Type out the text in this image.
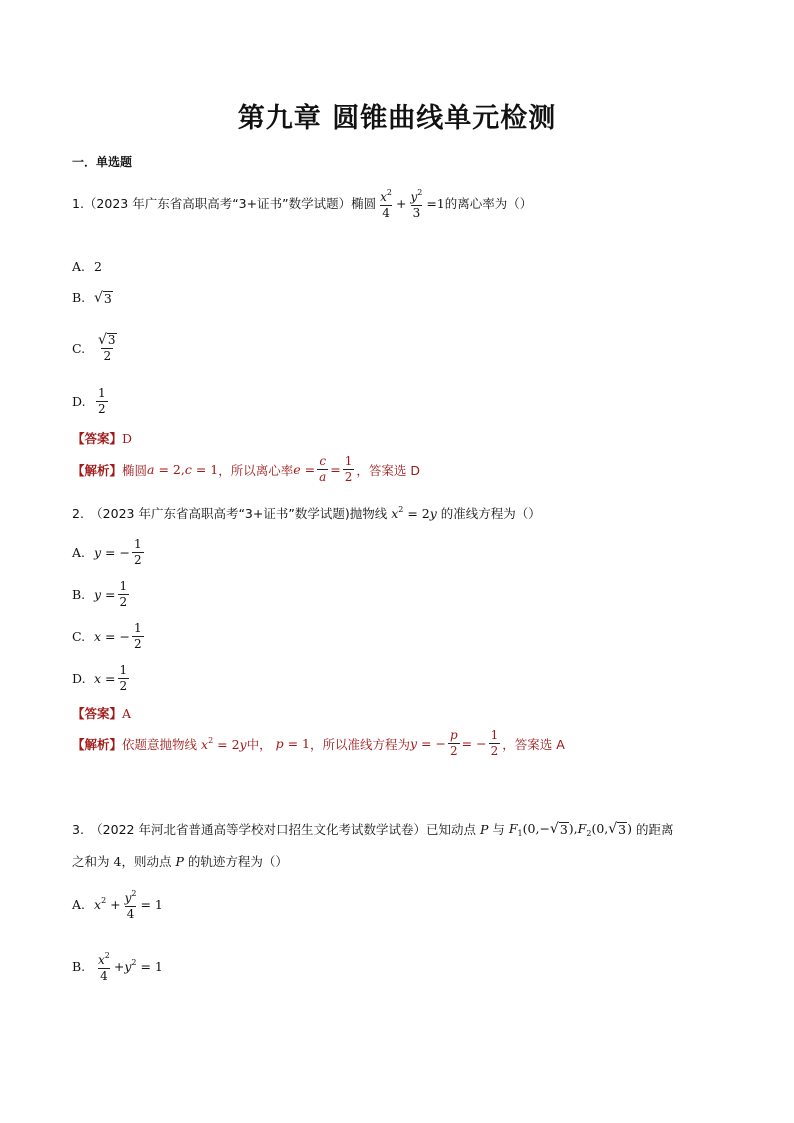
第九章 圆锥曲线单元检测
一．单选题
1.（2023 年广东省高职高考“3+证书”数学试题）椭圆 $\frac{x^2}{4} + \frac{y^2}{3} =1$ 的离心率为（）
A. 2
B. √ 3
C. $\frac{√ 3}{2}$
D. $\frac{1}{2}$
【答案】 D
【解析】 椭圆 a = 2,c = 1 ，所以离心率 $e = \frac{c}{a} = \frac{1}{2}$ ，答案选 D
2.　（2023 年广东省高职高考“3+证书”数学试题)抛物线 $x^2 = 2y$ 的准线方程为（）
A. y = − $\frac{1}{2}$
B. $y = \frac{1}{2}$
C. x = − $\frac{1}{2}$
D. $x = \frac{1}{2}$
【答案】 A
【解析】 依题意抛物线 $x^2 = 2y$ 中， p = 1 ，所以准线方程为 y = − $\frac{p}{2}$ = − $\frac{1}{2}$ ，答案选 A
3.　（2022 年河北省普通高等学校对口招生文化考试数学试卷）已知动点 P 与 $F_1(0,-$ √ 3 )$,F_2(0$, √ 3 ) 的距离
之和为 4 ，则动点 P 的轨迹方程为（）
A. $x^2 + \frac{y^2}{4} = 1$
B. $\frac{x^2}{4} +y^2 = 1$
